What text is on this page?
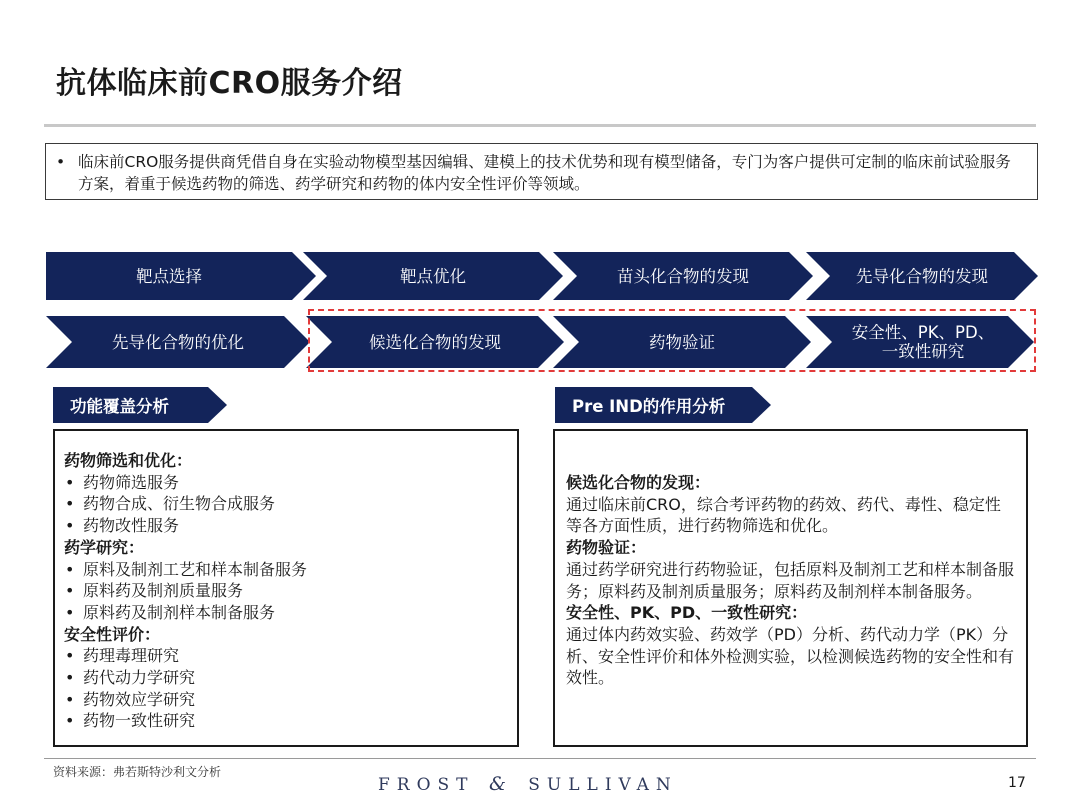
抗体临床前CRO服务介绍
• 临床前CRO服务提供商凭借自身在实验动物模型基因编辑、建模上的技术优势和现有模型储备，专门为客户提供可定制的临床前试验服务方案，着重于候选药物的筛选、药学研究和药物的体内安全性评价等领域。
靶点选择	靶点优化	苗头化合物的发现	先导化合物的发现
先导化合物的优化	候选化合物的发现	药物验证	安全性、PK、PD、
一致性研究
功能覆盖分析	Pre IND的作用分析
药物筛选和优化：
• 药物筛选服务
• 药物合成、衍生物合成服务
• 药物改性服务
药学研究：
• 原料及制剂工艺和样本制备服务
• 原料药及制剂质量服务
• 原料药及制剂样本制备服务
安全性评价：
• 药理毒理研究
• 药代动力学研究
• 药物效应学研究
• 药物一致性研究
候选化合物的发现：
通过临床前CRO，综合考评药物的药效、药代、毒性、稳定性等各方面性质，进行药物筛选和优化。
药物验证：
通过药学研究进行药物验证，包括原料及制剂工艺和样本制备服务；原料药及制剂质量服务；原料药及制剂样本制备服务。
安全性、PK、PD、一致性研究：
通过体内药效实验、药效学（PD）分析、药代动力学（PK）分析、安全性评价和体外检测实验，以检测候选药物的安全性和有效性。
资料来源：弗若斯特沙利文分析
FROST & SULLIVAN	17
